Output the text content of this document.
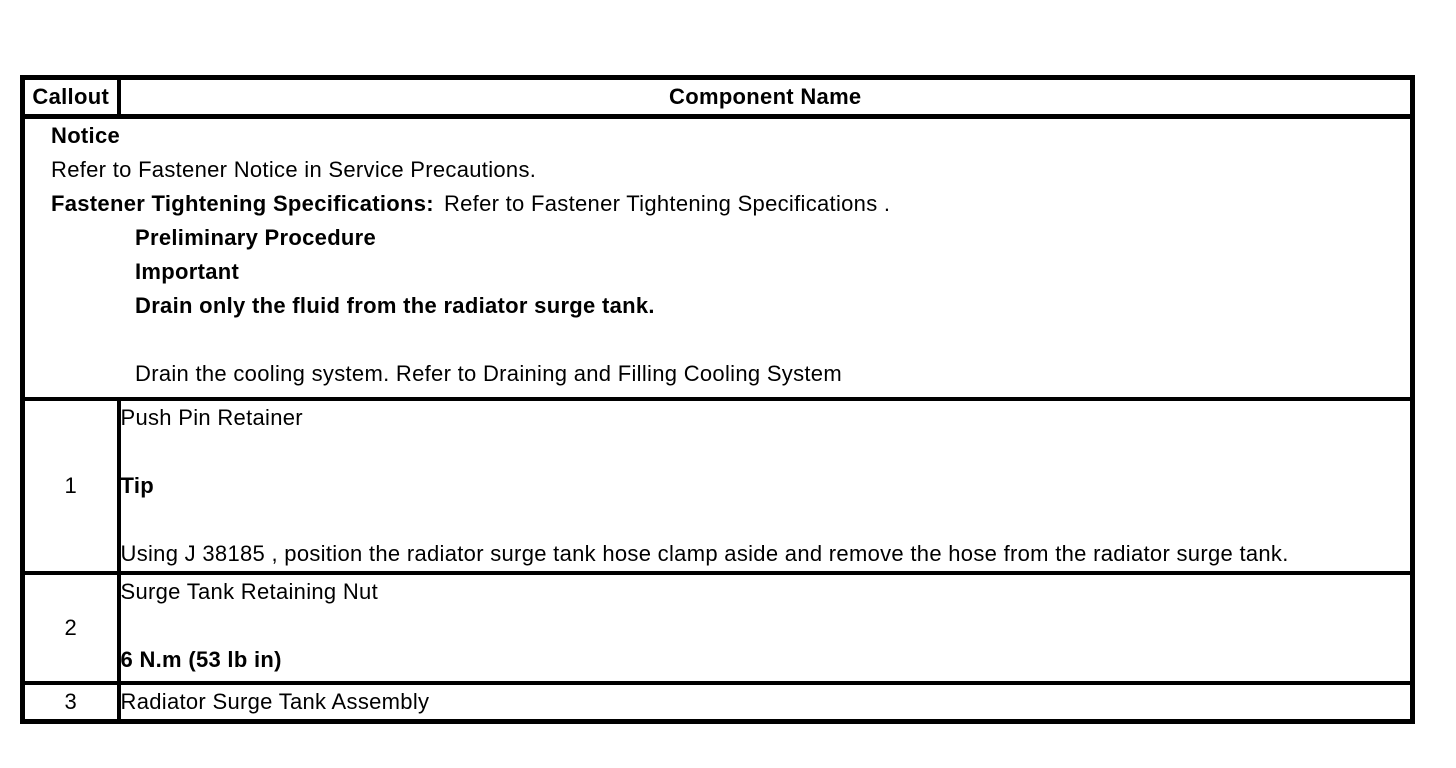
Callout	Component Name

Notice
Refer to Fastener Notice in Service Precautions.
Fastener Tightening Specifications: Refer to Fastener Tightening Specifications .
Preliminary Procedure
Important
Drain only the fluid from the radiator surge tank.

Drain the cooling system. Refer to Draining and Filling Cooling System

1	Push Pin Retainer

Tip

Using J 38185 , position the radiator surge tank hose clamp aside and remove the hose from the radiator surge tank.

2	Surge Tank Retaining Nut

6 N.m (53 lb in)

3	Radiator Surge Tank Assembly
